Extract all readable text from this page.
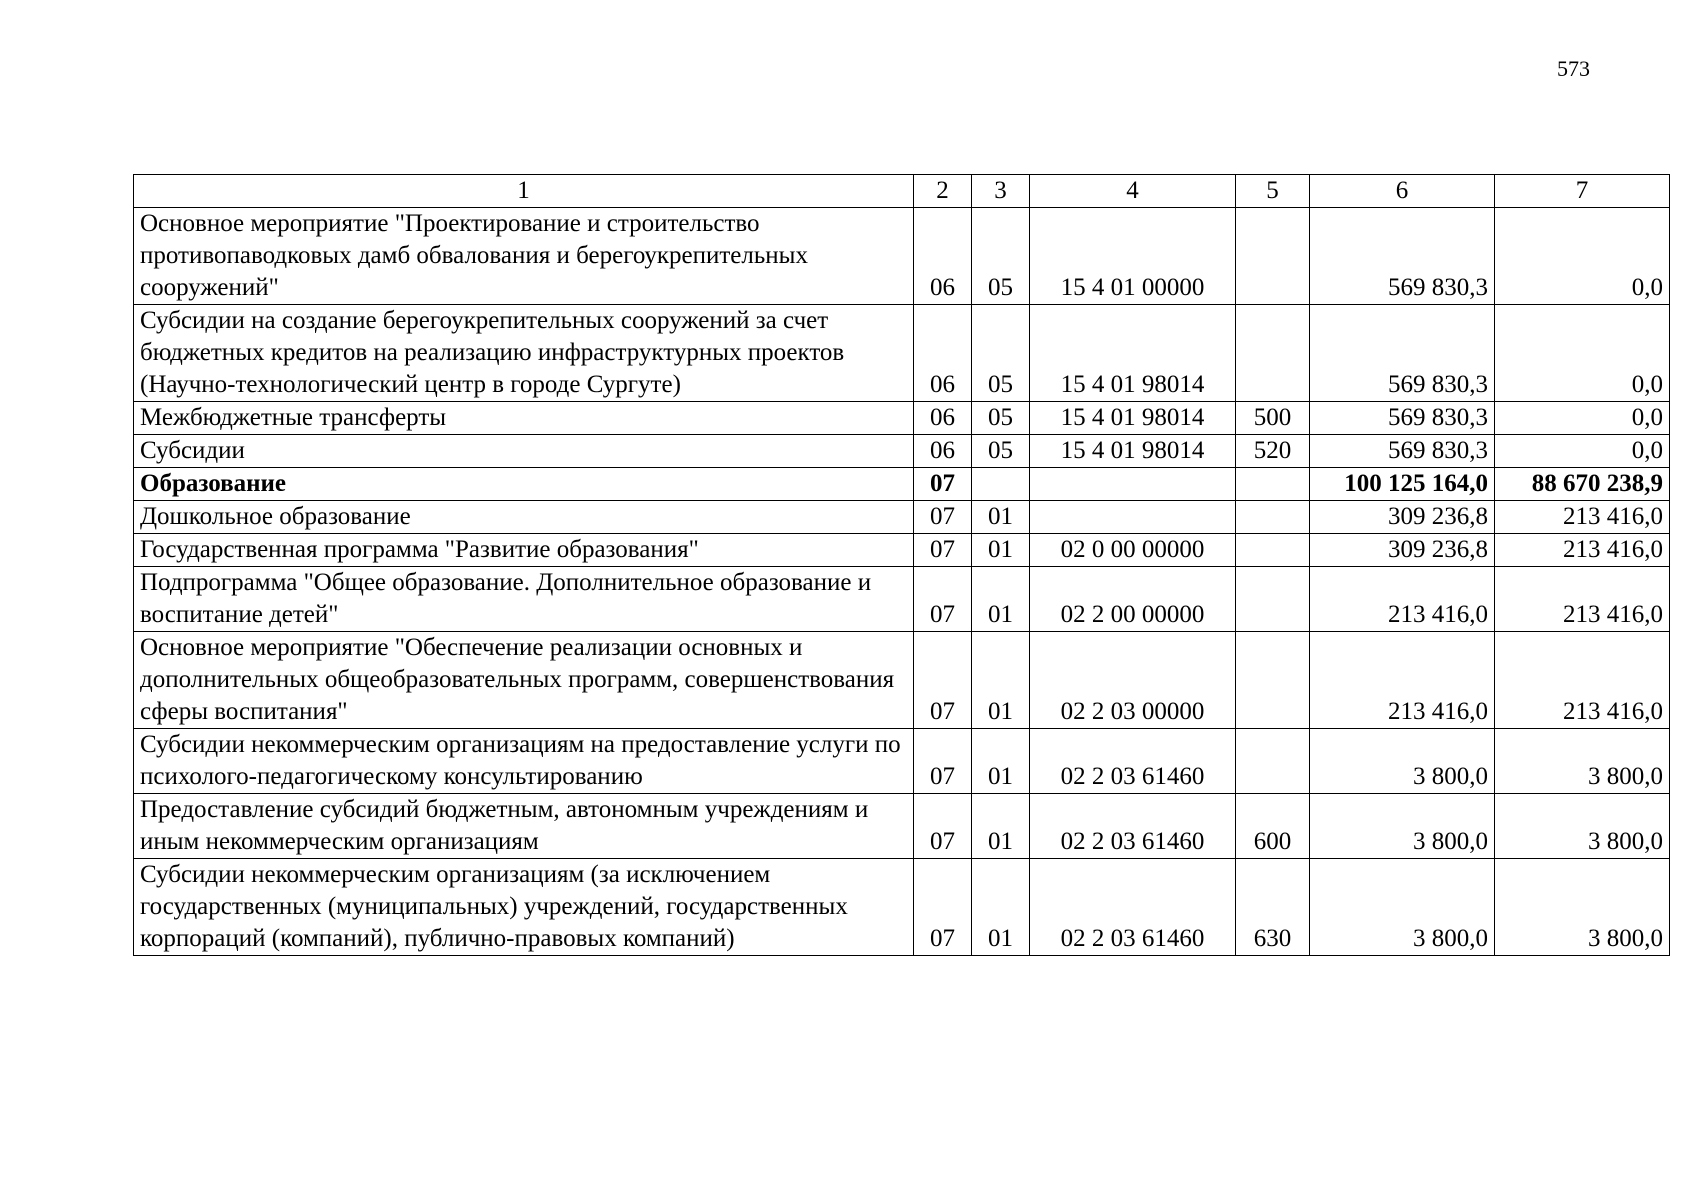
573
1	2	3	4	5	6	7
Основное мероприятие "Проектирование и строительство противопаводковых дамб обвалования и берегоукрепительных сооружений"	06	05	15 4 01 00000		569 830,3	0,0
Субсидии на создание берегоукрепительных сооружений за счет бюджетных кредитов на реализацию инфраструктурных проектов (Научно-технологический центр в городе Сургуте)	06	05	15 4 01 98014		569 830,3	0,0
Межбюджетные трансферты	06	05	15 4 01 98014	500	569 830,3	0,0
Субсидии	06	05	15 4 01 98014	520	569 830,3	0,0
Образование	07				100 125 164,0	88 670 238,9
Дошкольное образование	07	01			309 236,8	213 416,0
Государственная программа "Развитие образования"	07	01	02 0 00 00000		309 236,8	213 416,0
Подпрограмма "Общее образование. Дополнительное образование и воспитание детей"	07	01	02 2 00 00000		213 416,0	213 416,0
Основное мероприятие "Обеспечение реализации основных и дополнительных общеобразовательных программ, совершенствования сферы воспитания"	07	01	02 2 03 00000		213 416,0	213 416,0
Субсидии некоммерческим организациям на предоставление услуги по психолого-педагогическому консультированию	07	01	02 2 03 61460		3 800,0	3 800,0
Предоставление субсидий бюджетным, автономным учреждениям и иным некоммерческим организациям	07	01	02 2 03 61460	600	3 800,0	3 800,0
Субсидии некоммерческим организациям (за исключением государственных (муниципальных) учреждений, государственных корпораций (компаний), публично-правовых компаний)	07	01	02 2 03 61460	630	3 800,0	3 800,0
